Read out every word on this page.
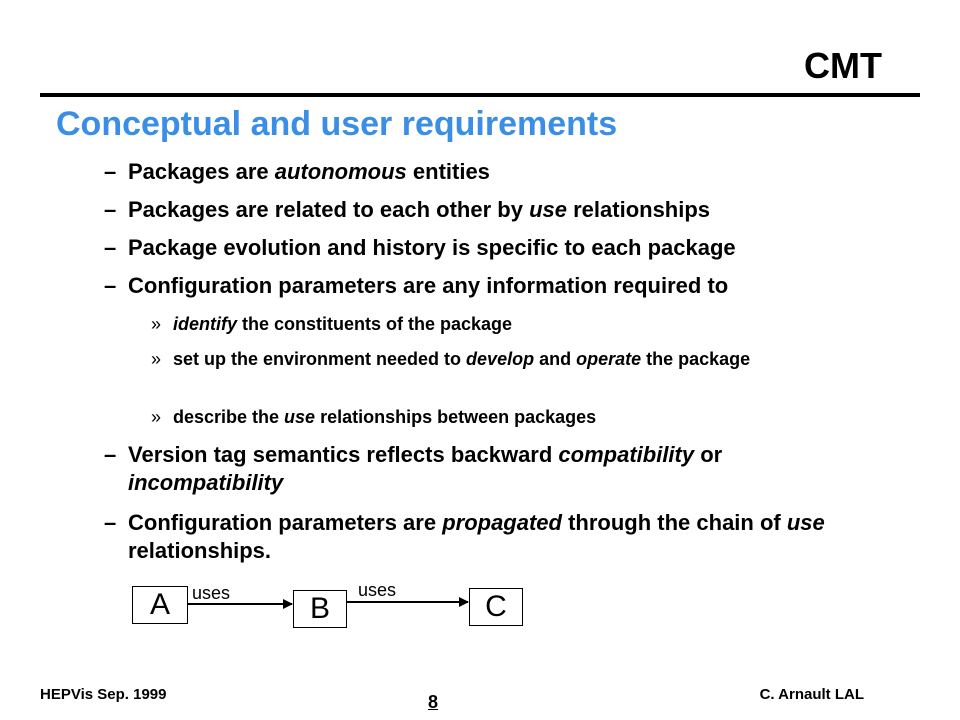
CMT
Conceptual and user requirements
– Packages are autonomous entities
– Packages are related to each other by use relationships
– Package evolution and history is specific to each package
– Configuration parameters are any information required to
» identify the constituents of the package
» set up the environment needed to develop and operate the package
» describe the use relationships between packages
– Version tag semantics reflects backward compatibility or incompatibility
– Configuration parameters are propagated through the chain of use relationships.
A	B	C
uses	uses
HEPVis Sep. 1999	8	C. Arnault LAL
